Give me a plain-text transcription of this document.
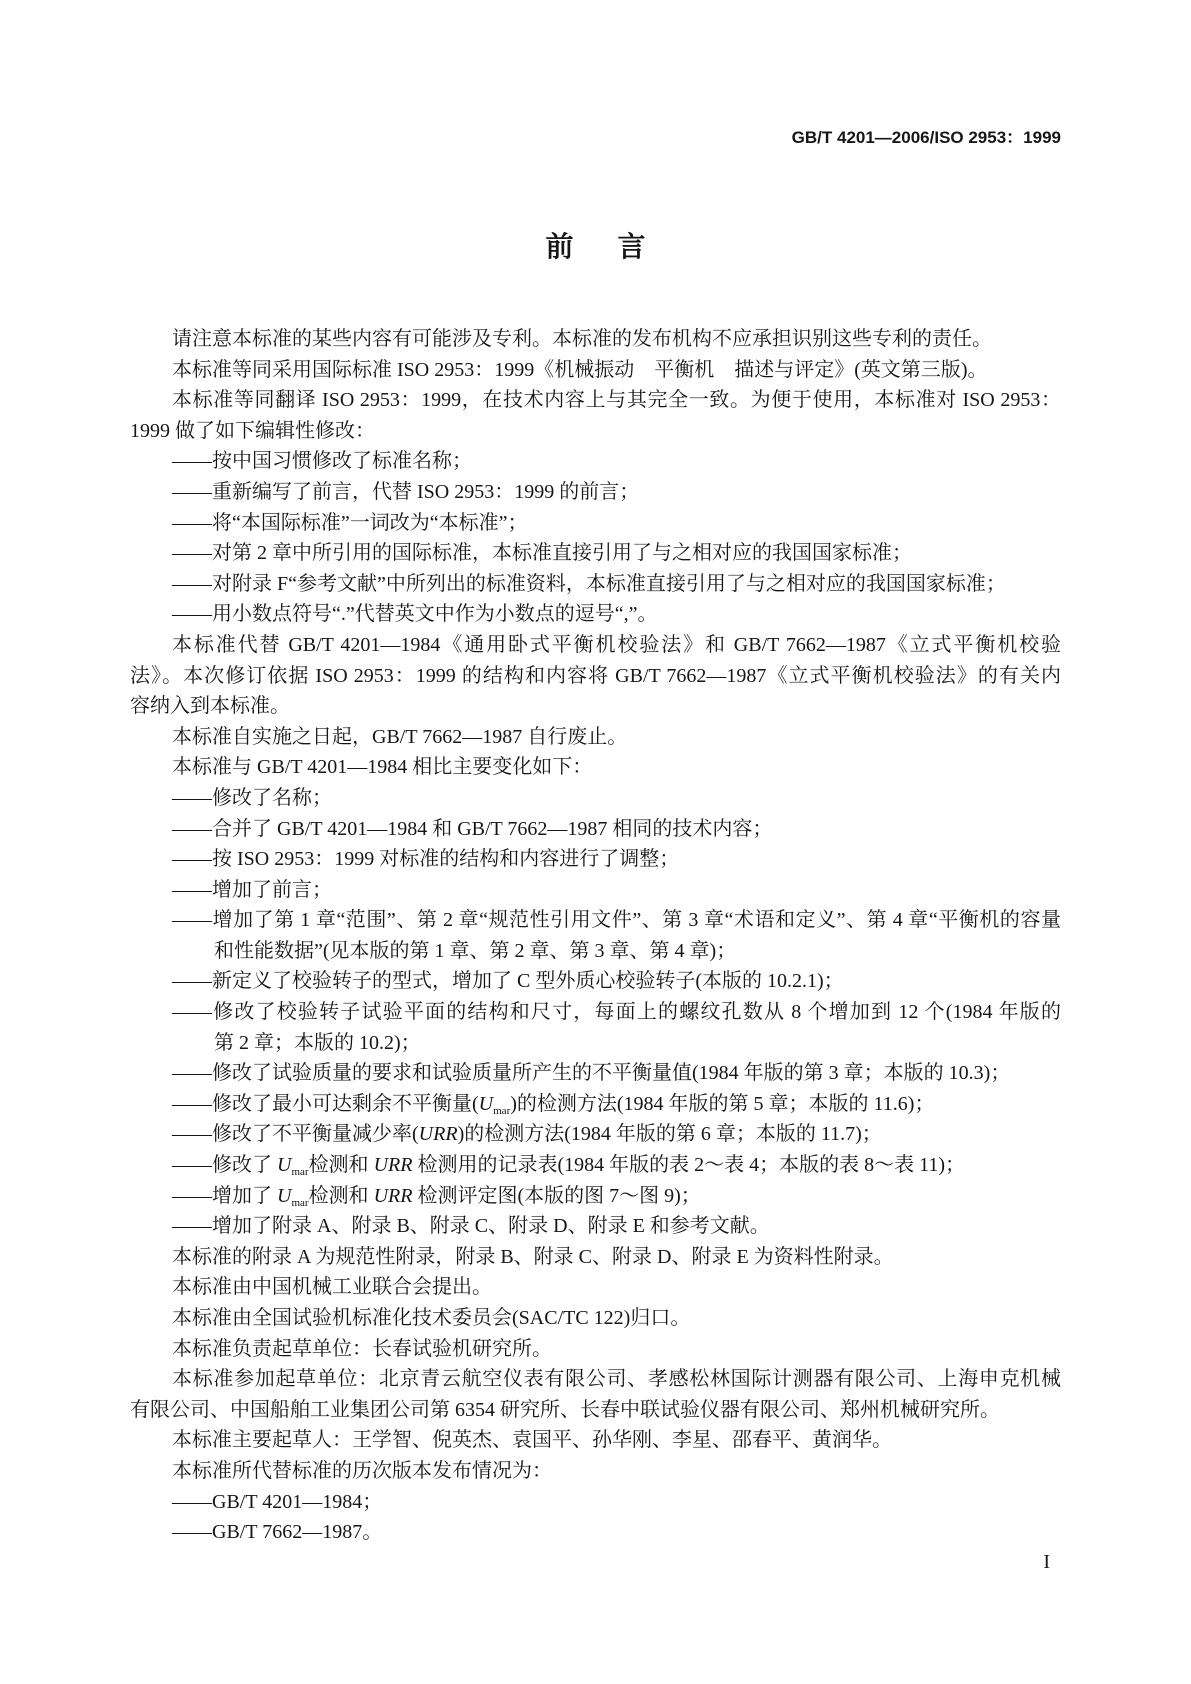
GB/T 4201—2006/ISO 2953：1999
前　言
请注意本标准的某些内容有可能涉及专利。本标准的发布机构不应承担识别这些专利的责任。
本标准等同采用国际标准 ISO 2953：1999《机械振动　平衡机　描述与评定》(英文第三版)。
本标准等同翻译 ISO 2953：1999，在技术内容上与其完全一致。为便于使用，本标准对 ISO 2953：
1999 做了如下编辑性修改：
——按中国习惯修改了标准名称；
——重新编写了前言，代替 ISO 2953：1999 的前言；
——将“本国际标准”一词改为“本标准”；
——对第 2 章中所引用的国际标准，本标准直接引用了与之相对应的我国国家标准；
——对附录 F“参考文献”中所列出的标准资料，本标准直接引用了与之相对应的我国国家标准；
——用小数点符号“.”代替英文中作为小数点的逗号“,”。
本标准代替 GB/T 4201—1984《通用卧式平衡机校验法》和 GB/T 7662—1987《立式平衡机校验
法》。本次修订依据 ISO 2953：1999 的结构和内容将 GB/T 7662—1987《立式平衡机校验法》的有关内
容纳入到本标准。
本标准自实施之日起，GB/T 7662—1987 自行废止。
本标准与 GB/T 4201—1984 相比主要变化如下：
——修改了名称；
——合并了 GB/T 4201—1984 和 GB/T 7662—1987 相同的技术内容；
——按 ISO 2953：1999 对标准的结构和内容进行了调整；
——增加了前言；
——增加了第 1 章“范围”、第 2 章“规范性引用文件”、第 3 章“术语和定义”、第 4 章“平衡机的容量
和性能数据”(见本版的第 1 章、第 2 章、第 3 章、第 4 章)；
——新定义了校验转子的型式，增加了 C 型外质心校验转子(本版的 10.2.1)；
——修改了校验转子试验平面的结构和尺寸，每面上的螺纹孔数从 8 个增加到 12 个(1984 年版的
第 2 章；本版的 10.2)；
——修改了试验质量的要求和试验质量所产生的不平衡量值(1984 年版的第 3 章；本版的 10.3)；
——修改了最小可达剩余不平衡量$(U_{mar})$的检测方法(1984 年版的第 5 章；本版的 11.6)；
——修改了不平衡量减少率(URR)的检测方法(1984 年版的第 6 章；本版的 11.7)；
——修改了 $U_{mar}$检测和 URR 检测用的记录表(1984 年版的表 2～表 4；本版的表 8～表 11)；
——增加了 $U_{mar}$检测和 URR 检测评定图(本版的图 7～图 9)；
——增加了附录 A、附录 B、附录 C、附录 D、附录 E 和参考文献。
本标准的附录 A 为规范性附录，附录 B、附录 C、附录 D、附录 E 为资料性附录。
本标准由中国机械工业联合会提出。
本标准由全国试验机标准化技术委员会(SAC/TC 122)归口。
本标准负责起草单位：长春试验机研究所。
本标准参加起草单位：北京青云航空仪表有限公司、孝感松林国际计测器有限公司、上海申克机械
有限公司、中国船舶工业集团公司第 6354 研究所、长春中联试验仪器有限公司、郑州机械研究所。
本标准主要起草人：王学智、倪英杰、袁国平、孙华刚、李星、邵春平、黄润华。
本标准所代替标准的历次版本发布情况为：
——GB/T 4201—1984；
——GB/T 7662—1987。
I
